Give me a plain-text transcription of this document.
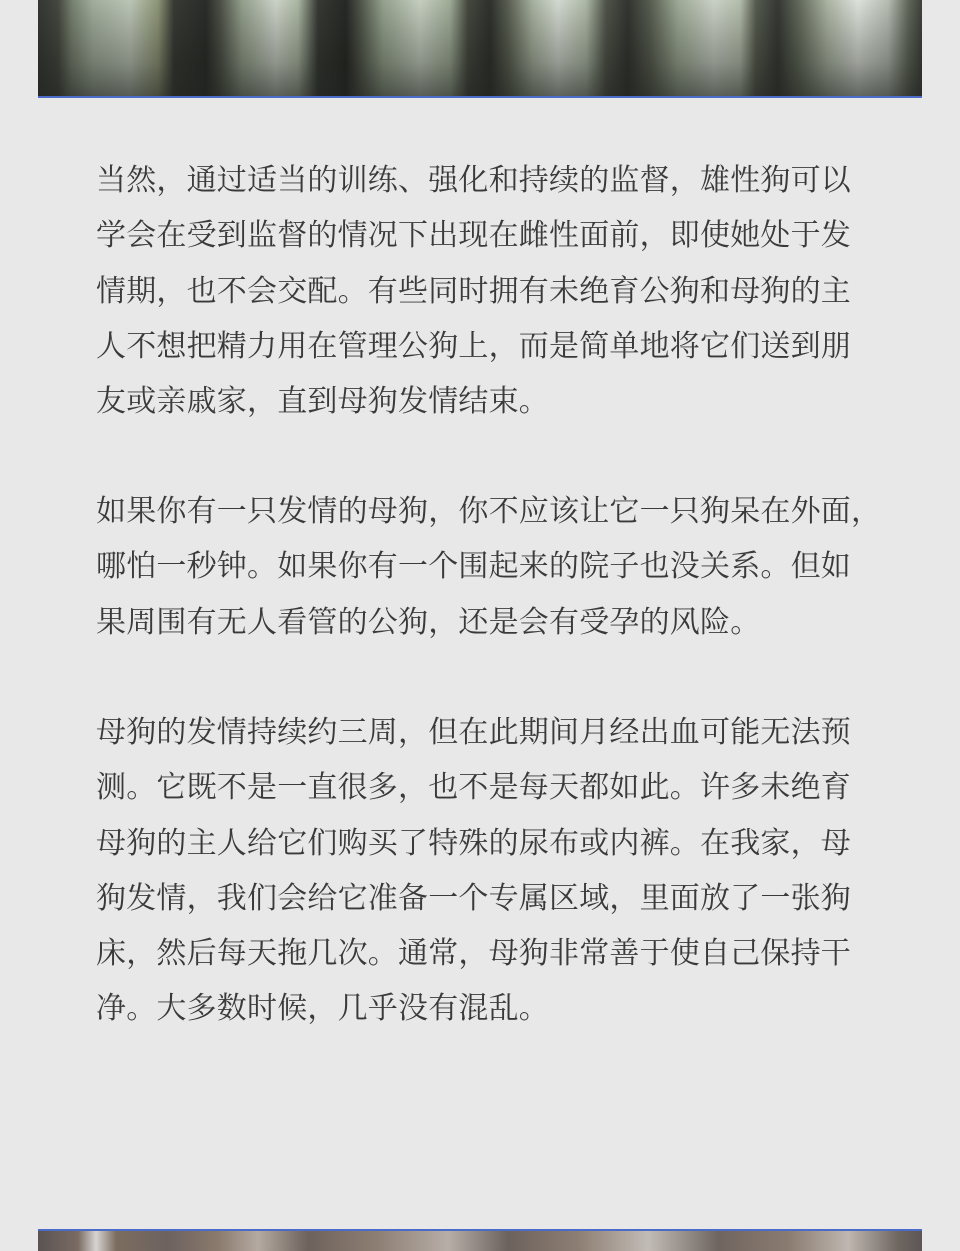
当然，通过适当的训练、强化和持续的监督，雄性狗可以
学会在受到监督的情况下出现在雌性面前，即使她处于发
情期，也不会交配。有些同时拥有未绝育公狗和母狗的主
人不想把精力用在管理公狗上，而是简单地将它们送到朋
友或亲戚家，直到母狗发情结束。

如果你有一只发情的母狗，你不应该让它一只狗呆在外面，
哪怕一秒钟。如果你有一个围起来的院子也没关系。但如
果周围有无人看管的公狗，还是会有受孕的风险。

母狗的发情持续约三周，但在此期间月经出血可能无法预
测。它既不是一直很多，也不是每天都如此。许多未绝育
母狗的主人给它们购买了特殊的尿布或内裤。在我家，母
狗发情，我们会给它准备一个专属区域，里面放了一张狗
床，然后每天拖几次。通常，母狗非常善于使自己保持干
净。大多数时候，几乎没有混乱。
